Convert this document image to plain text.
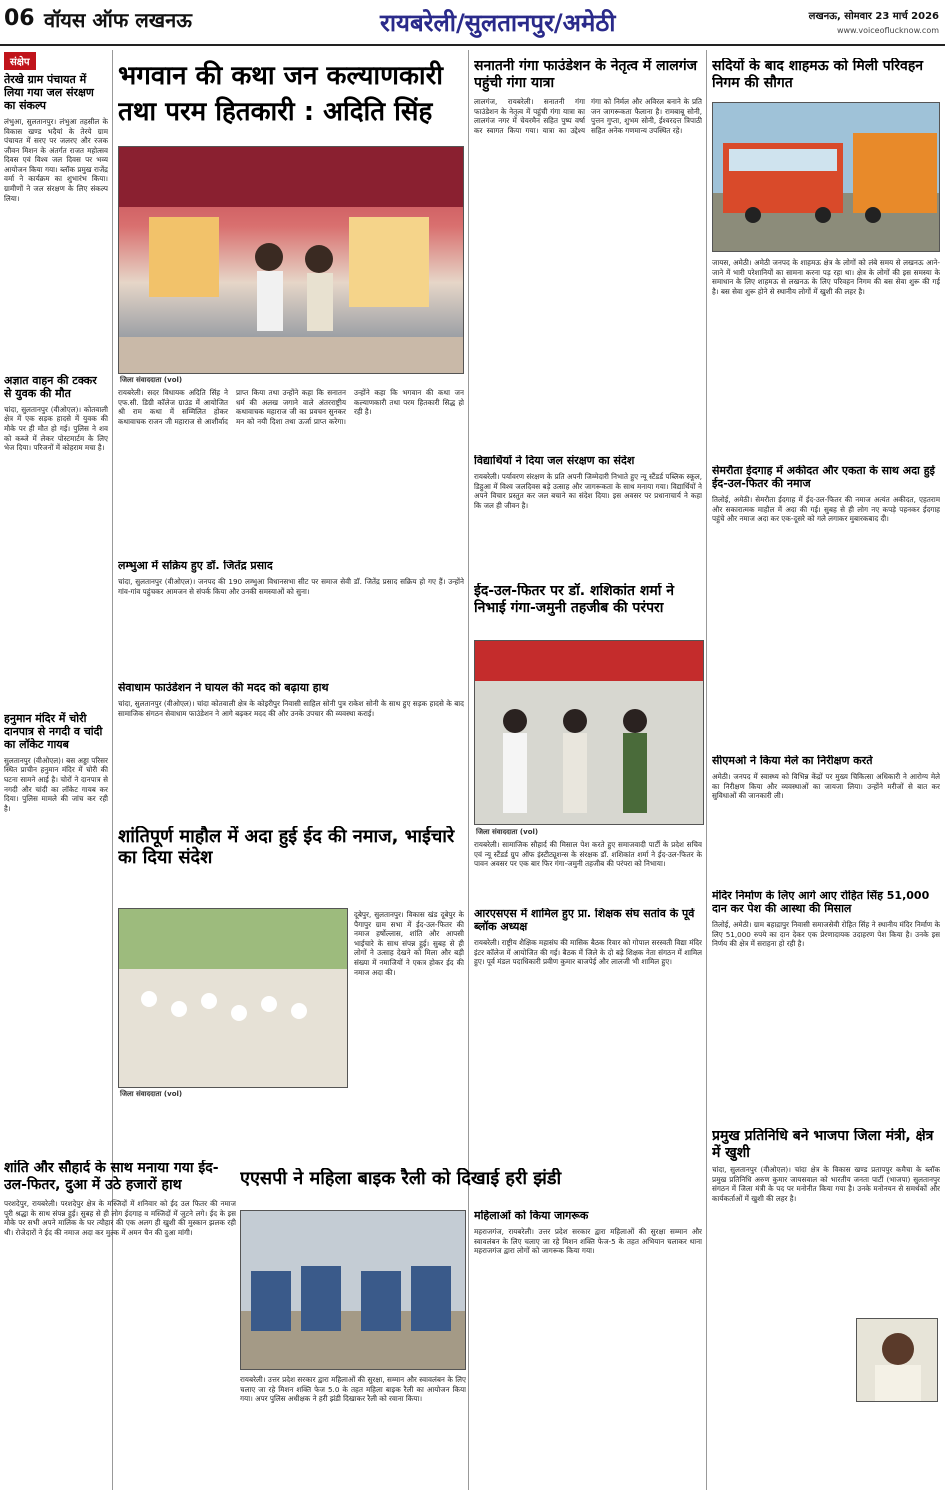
06 वॉयस ऑफ लखनऊ	रायबरेली/सुलतानपुर/अमेठी	लखनऊ, सोमवार 23 मार्च 2026
www.voiceoflucknow.com
संक्षेप
तेरखे ग्राम पंचायत में लिया गया जल संरक्षण का संकल्प
लंभुआ, सुलतानपुर। लंभुआ तहसील के विकास खण्ड भदैयां के तेरये ग्राम पंचायत में सरए पर जलरए और रजक जीवन मिशन के अंतर्गत राजत महोत्सव दिवस एवं विश्व जल दिवस पर भव्य आयोजन किया गया। ब्लॉक प्रमुख राजेंद्र वर्मा ने कार्यक्रम का शुभारंभ किया। ग्रामीणों ने जल संरक्षण के लिए संकल्प लिया।
अज्ञात वाहन की टक्कर से युवक की मौत
चांदा, सुलतानपुर (वीओएल)। कोतवाली क्षेत्र में एक सड़क हादसे में युवक की मौके पर ही मौत हो गई। पुलिस ने शव को कब्जे में लेकर पोस्टमार्टम के लिए भेज दिया। परिजनों में कोहराम मचा है।
हनुमान मंदिर में चोरी दानपात्र से नगदी व चांदी का लॉकेट गायब
सुलतानपुर (वीओएल)। बस अड्डा परिसर स्थित प्राचीन हनुमान मंदिर में चोरी की घटना सामने आई है। चोरों ने दानपात्र से नगदी और चांदी का लॉकेट गायब कर दिया। पुलिस मामले की जांच कर रही है।
शांति और सौहार्द के साथ मनाया गया ईद-उल-फितर, दुआ में उठे हजारों हाथ
परशदेपुर, रायबरेली। परशदेपुर क्षेत्र के मस्जिदों में शनिवार को ईद उल फितर की नमाज पूरी श्रद्धा के साथ संपन्न हुई। सुबह से ही लोग ईदगाह व मस्जिदों में जुटने लगे। ईद के इस मौके पर सभी अपने मालिक के घर त्यौहार की एक अलग ही खुशी की मुस्कान झलक रही थी। रोजेदारों ने ईद की नमाज अदा कर मुल्क में अमन चैन की दुआ मांगी।
भगवान की कथा जन कल्याणकारी तथा परम हितकारी : अदिति सिंह
जिला संवाददाता (vol)
रायबरेली। सदर विधायक अदिति सिंह ने एफ.सी. डिग्री कॉलेज ग्राउंड में आयोजित श्री राम कथा में सम्मिलित होकर कथावाचक राजन जी महाराज से आशीर्वाद प्राप्त किया तथा उन्होंने कहा कि सनातन धर्म की अलख जगाने वाले अंतरराष्ट्रीय कथावाचक महाराज जी का प्रवचन सुनकर मन को नयी दिशा तथा ऊर्जा प्राप्त करेगा। उन्होंने कहा कि भगवान की कथा जन कल्याणकारी तथा परम हितकारी सिद्ध हो रही है।
सनातनी गंगा फाउंडेशन के नेतृत्व में लालगंज पहुंची गंगा यात्रा
लालगंज, रायबरेली। सनातनी गंगा फाउंडेशन के नेतृत्व में पहुंची गंगा यात्रा का लालगंज नगर में चेयरमैन सहित पुष्प वर्षा कर स्वागत किया गया। यात्रा का उद्देश्य गंगा को निर्मल और अविरल बनाने के प्रति जन जागरूकता फैलाना है। रामबाबू सोनी, पुत्तन गुप्ता, शुभम सोनी, ईश्वरदत्त त्रिपाठी सहित अनेक गणमान्य उपस्थित रहे।
सदियों के बाद शाहमऊ को मिली परिवहन निगम की सौगत
जायस, अमेठी। अमेठी जनपद के शाहमऊ क्षेत्र के लोगों को लंबे समय से लखनऊ आने-जाने में भारी परेशानियों का सामना करना पड़ रहा था। क्षेत्र के लोगों की इस समस्या के समाधान के लिए शाहमऊ से लखनऊ के लिए परिवहन निगम की बस सेवा शुरू की गई है। बस सेवा शुरू होने से स्थानीय लोगों में खुशी की लहर है।
विद्यार्थियों ने दिया जल संरक्षण का संदेश
रायबरेली। पर्यावरण संरक्षण के प्रति अपनी जिम्मेदारी निभाते हुए न्यू स्टैंडर्ड पब्लिक स्कूल, डिहुआ में विश्व जलदिवस बड़े उत्साह और जागरूकता के साथ मनाया गया। विद्यार्थियों ने अपने विचार प्रस्तुत कर जल बचाने का संदेश दिया। इस अवसर पर प्रधानाचार्य ने कहा कि जल ही जीवन है।
लम्भुआ में सक्रिय हुए डॉ. जितेंद्र प्रसाद
चांदा, सुलतानपुर (वीओएल)। जनपद की 190 लम्भुआ विधानसभा सीट पर समाज सेवी डॉ. जितेंद्र प्रसाद सक्रिय हो गए हैं। उन्होंने गांव-गांव पहुंचकर आमजन से संपर्क किया और उनकी समस्याओं को सुना।
सेवाधाम फाउंडेशन ने घायल की मदद को बढ़ाया हाथ
चांदा, सुलतानपुर (वीओएल)। चांदा कोतवाली क्षेत्र के कोइरीपुर निवासी साहिल सोनी पुत्र राकेश सोनी के साथ हुए सड़क हादसे के बाद सामाजिक संगठन सेवाधाम फाउंडेशन ने आगे बढ़कर मदद की और उनके उपचार की व्यवस्था कराई।
ईद-उल-फितर पर डॉ. शशिकांत शर्मा ने निभाई गंगा-जमुनी तहजीब की परंपरा
जिला संवाददाता (vol)
रायबरेली। सामाजिक सौहार्द की मिसाल पेश करते हुए समाजवादी पार्टी के प्रदेश सचिव एवं न्यू स्टैंडर्ड ग्रुप ऑफ इंस्टीट्यूशन्स के संरक्षक डॉ. शशिकांत शर्मा ने ईद-उल-फितर के पावन अवसर पर एक बार फिर गंगा-जमुनी तहजीब की परंपरा को निभाया।
सेमरौता ईदगाह में अकीदत और एकता के साथ अदा हुई ईद-उल-फितर की नमाज
तिलोई, अमेठी। सेमरौता ईदगाह में ईद-उल-फितर की नमाज अत्यंत अकीदत, एहतराम और सकारात्मक माहौल में अदा की गई। सुबह से ही लोग नए कपड़े पहनकर ईदगाह पहुंचे और नमाज अदा कर एक-दूसरे को गले लगाकर मुबारकबाद दी।
सीएमओ ने किया मेले का निरीक्षण करते
अमेठी। जनपद में स्वास्थ्य को विभिन्न केंद्रों पर मुख्य चिकित्सा अधिकारी ने आरोग्य मेले का निरीक्षण किया और व्यवस्थाओं का जायजा लिया। उन्होंने मरीजों से बात कर सुविधाओं की जानकारी ली।
शांतिपूर्ण माहौल में अदा हुई ईद की नमाज, भाईचारे का दिया संदेश
जिला संवाददाता (vol)
दूबेपुर, सुलतानपुर। विकास खंड दूबेपुर के पैगापुर ग्राम सभा में ईद-उल-फितर की नमाज हर्षोल्लास, शांति और आपसी भाईचारे के साथ संपन्न हुई। सुबह से ही लोगों ने उत्साह देखने को मिला और बड़ी संख्या में नमाजियों ने एकत्र होकर ईद की नमाज अदा की।
आरएसएस में शामिल हुए प्रा. शिक्षक संघ सतांव के पूर्व ब्लॉक अध्यक्ष
रायबरेली। राष्ट्रीय शैक्षिक महासंघ की मासिक बैठक रिवार को गोपाल सरस्वती विद्या मंदिर इंटर कॉलेज में आयोजित की गई। बैठक में जिले के दो बड़े शिक्षक नेता संगठन में शामिल हुए। पूर्व मंडल पदाधिकारी प्रवीण कुमार बाजपेई और लालजी भी शामिल हुए।
मंदिर निर्माण के लिए आगे आए रोहित सिंह 51,000 दान कर पेश की आस्था की मिसाल
तिलोई, अमेठी। ग्राम बहाद्रापुर निवासी समाजसेवी रोहित सिंह ने स्थानीय मंदिर निर्माण के लिए 51,000 रुपये का दान देकर एक प्रेरणादायक उदाहरण पेश किया है। उनके इस निर्णय की क्षेत्र में सराहना हो रही है।
प्रमुख प्रतिनिधि बने भाजपा जिला मंत्री, क्षेत्र में खुशी
चांदा, सुलतानपुर (वीओएल)। चांदा क्षेत्र के विकास खण्ड प्रतापपुर कमैचा के ब्लॉक प्रमुख प्रतिनिधि अरुण कुमार जायसवाल को भारतीय जनता पार्टी (भाजपा) सुलतानपुर संगठन में जिला मंत्री के पद पर मनोनीत किया गया है। उनके मनोनयन से समर्थकों और कार्यकर्ताओं में खुशी की लहर है।
एएसपी ने महिला बाइक रैली को दिखाई हरी झंडी
रायबरेली। उत्तर प्रदेश सरकार द्वारा महिलाओं की सुरक्षा, सम्मान और स्वावलंबन के लिए चलाए जा रहे मिशन शक्ति फेज 5.0 के तहत महिला बाइक रैली का आयोजन किया गया। अपर पुलिस अधीक्षक ने हरी झंडी दिखाकर रैली को रवाना किया।
महिलाओं को किया जागरूक
महराजगंज, रायबरेली। उत्तर प्रदेश सरकार द्वारा महिलाओं की सुरक्षा सम्मान और स्वावलंबन के लिए चलाए जा रहे मिशन शक्ति फेज-5 के तहत अभियान चलाकर थाना महराजगंज द्वारा लोगों को जागरूक किया गया।
